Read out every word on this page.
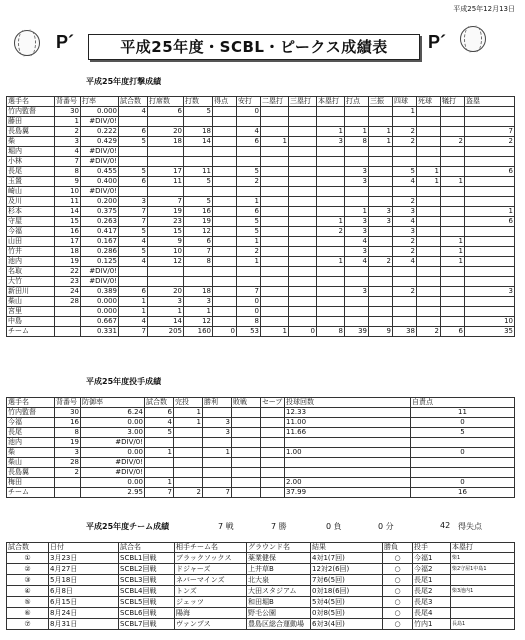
平成25年12月13日
P´	平成25年度・SCBL・ピークス成績表	P´
平成25年度打撃成績
選手名	背番号	打率	試合数	打席数	打数	得点	安打	二塁打	三塁打	本塁打	打点	三振	四球	死球	犠打	盗塁
竹内監督	30	0.000	4	6	5		0						1			
藤田	1	#DIV/0!														
長島翼	2	0.222	6	20	18		4			1	1	1	2			7
柴	3	0.429	5	18	14		6	1		3	8	1	2		2	2
堀内	4	#DIV/0!														
小林	7	#DIV/0!														
長尾	8	0.455	5	17	11		5				3		5	1		6
玉置	9	0.400	6	11	5		2				3		4	1	1	
崎山	10	#DIV/0!														
及川	11	0.200	3	7	5		1						2			
杉本	14	0.375	7	19	16		6				1	3	3			1
守屋	15	0.263	7	23	19		5			1	3	3	4			6
今福	16	0.417	5	15	12		5			2	3		3			
山田	17	0.167	4	9	6		1				4		2		1	
竹井	18	0.286	5	10	7		2				3		2		1	
池内	19	0.125	4	12	8		1			1	4	2	4		1	
名取	22	#DIV/0!														
大竹	23	#DIV/0!														
新田川	24	0.389	6	20	18		7				3		2			3
柴山	28	0.000	1	3	3		0									
宮里		0.000	1	1	1		0									
中島		0.667	4	14	12		8									10
チーム		0.331	7	205	160	0	53	1	0	8	39	9	38	2	6	35
平成25年度投手成績
選手名	背番号	防御率	試合数	完投	勝利	敗戦	セーブ	投球回数	自責点
竹内監督	30	6.24	6	1				12.33	11
今福	16	0.00	4	1	3			11.00	0
長尾	8	3.00	5		3			11.66	5
池内	19	#DIV/0!							
柴	3	0.00	1		1			1.00	0
柴山	28	#DIV/0!							
長島翼	2	#DIV/0!							
梅田		0.00	1					2.00	0
チーム		2.95	7	2	7			37.99	16
平成25年度チーム成績	7 戦	7 勝	0 負	0 分	42 得失点
試合数	日付	試合名	相手チーム名	グラウンド名	結果	勝負	投手	本塁打
①	3月23日	SCBL1回戦	ブラックソックス	薬業健保	4対1(7回)	○	今福1	柴1
②	4月27日	SCBL2回戦	ドジャーズ	上井草B	12対2(6回)	○	今福2	柴2守屋1中島1
③	5月18日	SCBL3回戦	ネバーマインズ	北大泉	7対6(5回)	○	長尾1	
④	6月8日	SCBL4回戦	トンズ	大田スタジアム	0対18(6回)	○	長尾2	柴3池内1
⑤	6月15日	SCBL5回戦	ジェッツ	和田堀B	5対4(5回)	○	長尾3	
⑥	8月24日	SCBL6回戦	陽海	野毛公園	0対8(5回)	○	長尾4	
⑦	8月31日	SCBL7回戦	ヴァンプス	豊島区総合運動場	6対3(4回)	○	竹内1	長島1
